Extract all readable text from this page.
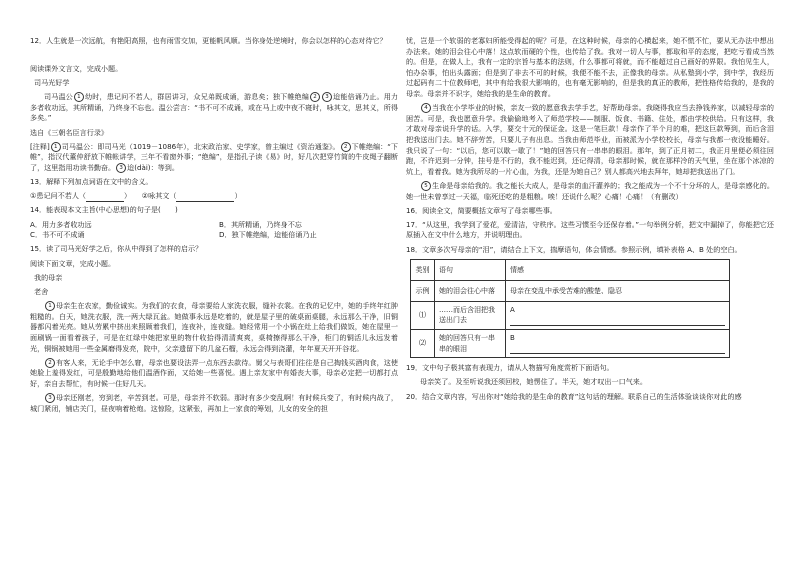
12．人生就是一次远航，有艳阳高照，也有雨雪交加，更能帆风顺。当你身处逆境时，你会以怎样的心态对待它？

阅读课外文言文，完成小题。

司马光好学

司马温公 1 幼时，患记问不若人，群居讲习，众兄弟既成诵，游息矣；独下帷绝编 2 3 迨能倍诵乃止。用力多者收功远，其所精诵，乃终身不忘也。温公尝言：“书不可不成诵，或在马上或中夜不寝时，咏其文，思其义，所得多矣。”

选自《三朝名臣言行录》

[注释] 1 司马温公：即司马光（1019－1086年），北宋政治家、史学家，曾主编过《资治通鉴》。 2 下帷绝编：“下帷”，指汉代董仲舒放下帷帐讲学，三年不看窗外事；“绝编”，是指孔子读《易》时，好几次把穿竹简的牛皮绳子翻断了，这里指用功读书勤奋。 3 迨(dài)：等到。

13．解释下列加点词语在文中的含义。

①患记问不若人（	）　　②咏其文（	）

14．能表现本文主旨(中心思想)的句子是(　　)

A．用力多者收功远	B．其所精诵，乃终身不忘
C．书不可不成诵	D．独下帷绝编，迨能倍诵乃止

15．读了司马光好学之后，你从中得到了怎样的启示？

阅读下面文章，完成小题。

我的母亲

老舍

1 母亲生在农家，勤俭诚实。为我们的衣食，母亲要给人家洗衣服，缝补衣裳。在我的记忆中，她的手终年红肿粗糙的。白天，她洗衣服，洗一两大绿瓦盆。她做事永远是吃着的，就是屋子里的破桌面桌腿，永远那么干净，旧铜器都闪着光亮。她从劳累中挤出来照顾着我们，连夜补，连夜缝。她经常用一个小锅在灶上给我们做饭，她在屋里一面刷锅一面看着孩子，可是在红绿中她把家里的物什收拾得清清爽爽，桌椅擦得那么干净，柜门的铜活儿永远发着光，铜锅被她用一些金属磨得发亮，院中，父亲遗留下的几盆石榴，永远会得到浇灌，年年夏天开开谷花。

2 有客人来，无论手中怎么窘，母亲也要设法弄一点东西去款待。舅父与表哥们往往是自己掏钱买酒肉食，这使她脸上羞得发红，可是殷勤地给他们温酒作面，又给她一些喜悦。遇上亲友家中有婚丧大事，母亲必定把一切都打点好，亲自去帮忙，有时候一住好几天。

3 母亲还刚老，穷到老，辛苦到老。可是，母亲并不软弱。那时有多少变乱啊！有时候兵变了，有时候内战了，城门紧闭，铺店关门，昼夜响着枪炮。这惊险，这紧张，再加上一家食的筹划，儿女的安全的担

忧，岂是一个软弱的老寡妇所能受得起的呢？可是，在这种时候，母亲的心横起来，她不慌不忙，要从无办法中想出办法来。她的泪会往心中落！这点软而硬的个性，也传给了我。我对一切人与事，都取和平的态度，把吃亏看成当然的。但是，在做人上，我有一定的宗旨与基本的法则，什么事都可将就，而不能超过自己画好的界限。我怕见生人，怕办杂事，怕出头露面；但是到了非去不可的时候，我便不能不去，正像我的母亲。从私塾到小学，到中学，我经历过起码有二十位教师吧，其中有给我很大影响的，也有毫无影响的，但是我的真正的教师，把性格传给我的，是我的母亲。母亲并不识字，她给我的是生命的教育。

4 当我在小学毕业的时候，亲友一致的愿意我去学手艺，好帮助母亲。我晓得我应当去挣钱养家，以减轻母亲的困苦。可是，我也愿意升学。我偷偷地考入了师范学校——制服、饭食、书籍、住处，都由学校供给。只有这样，我才敢对母亲说升学的话。入学，要交十元的保证金。这是一笔巨款！母亲作了半个月的难，把这巨款筹到，而后含泪把我送出门去。她不辞劳苦，只要儿子有出息。当我由师范毕业，而被派为小学校校长，母亲与我都一夜没能睡好。我只说了一句：“以后，您可以歇一歇了！”她的回答只有一串串的眼泪。那年，到了正月初二，我正月里便必须往回跑，不许迟到一分钟，挂号是不行的，我不能迟到，还记得清，母亲那时候，就在那样冷的天气里，坐在那个冰凉的炕上，看着我。她为我所尽的一片心血，为我，还是为她自己？别人都高兴地去拜年，她却把我送出了门。

5 生命是母亲给我的。我之能长大成人，是母亲的血汗灌养的；我之能成为一个不十分坏的人，是母亲感化的。她一世未曾享过一天福，临死还吃的是粗粮。唉！还说什么呢？心痛！心痛！（有删改）

16．阅读全文，简要概括文章写了母亲哪些事。

17．“从这里，我学到了爱花，爱清洁，守秩序。这些习惯至今还保存着。”一句举例分析，把文中漏掉了，你能把它还原插入在文中什么地方，并说明理由。

18．文章多次写母亲的“泪”，请结合上下文，揣摩语句，体会情感。参照示例，填补表格 A、B 处的空白。

类别	语句	情感
示例	她的泪会往心中落	母亲在变乱中承受苦难的酸楚、隐忍
⑴	……而后含泪把我送出门去	A
⑵	她的回答只有一串串的眼泪	B

19．文中句子极其富有表现力，请从人物描写角度赏析下面语句。

母亲笑了。及至听说我还须回校，她愣住了。半天，她才叹出一口气来。

20．结合文章内容，写出你对“她给我的是生命的教育”这句话的理解。联系自己的生活体验谈谈你对此的感
